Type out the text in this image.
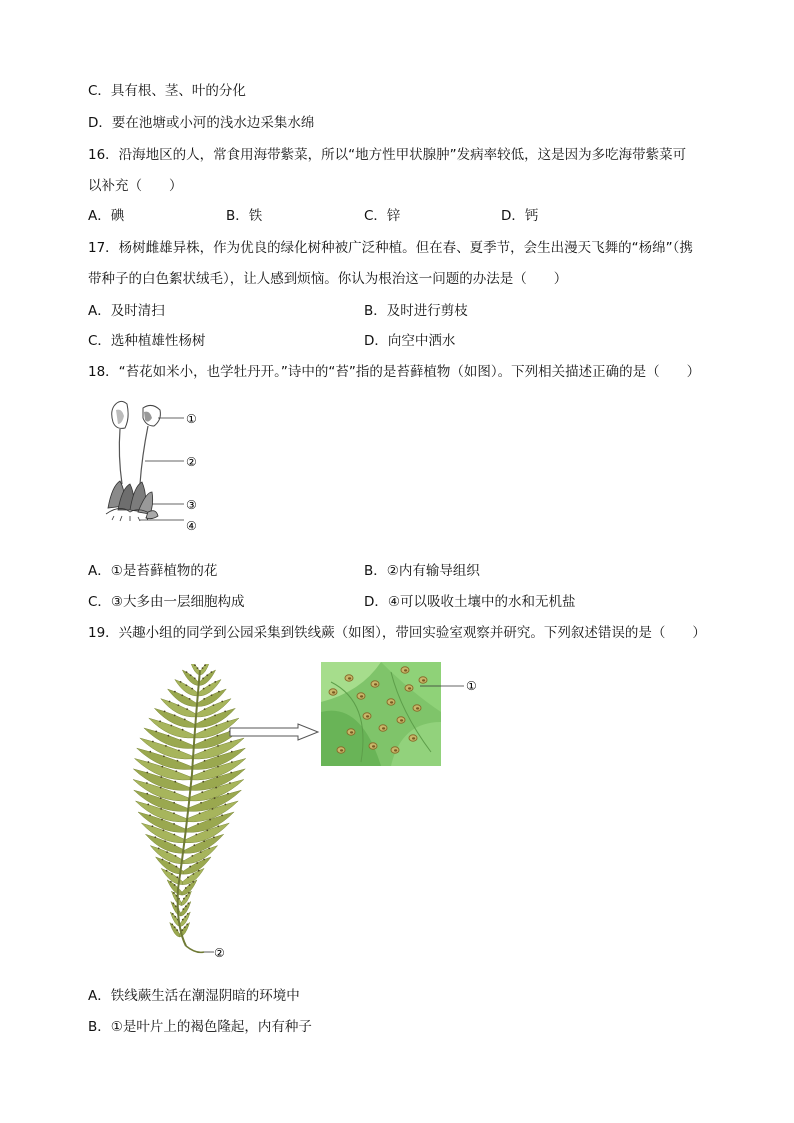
C．具有根、茎、叶的分化
D．要在池塘或小河的浅水边采集水绵
16．沿海地区的人，常食用海带紫菜，所以“地方性甲状腺肿”发病率较低，这是因为多吃海带紫菜可
以补充（　　）
A．碘	B．铁	C．锌	D．钙
17．杨树雌雄异株，作为优良的绿化树种被广泛种植。但在春、夏季节，会生出漫天飞舞的“杨绵”（携
带种子的白色絮状绒毛），让人感到烦恼。你认为根治这一问题的办法是（　　）
A．及时清扫	B．及时进行剪枝
C．选种植雄性杨树	D．向空中洒水
18．“苔花如米小，也学牡丹开。”诗中的“苔”指的是苔藓植物（如图）。下列相关描述正确的是（　　）
①
②
③
④
A．①是苔藓植物的花	B．②内有输导组织
C．③大多由一层细胞构成	D．④可以吸收土壤中的水和无机盐
19．兴趣小组的同学到公园采集到铁线蕨（如图），带回实验室观察并研究。下列叙述错误的是（　　）
②
①
A．铁线蕨生活在潮湿阴暗的环境中
B．①是叶片上的褐色隆起，内有种子
